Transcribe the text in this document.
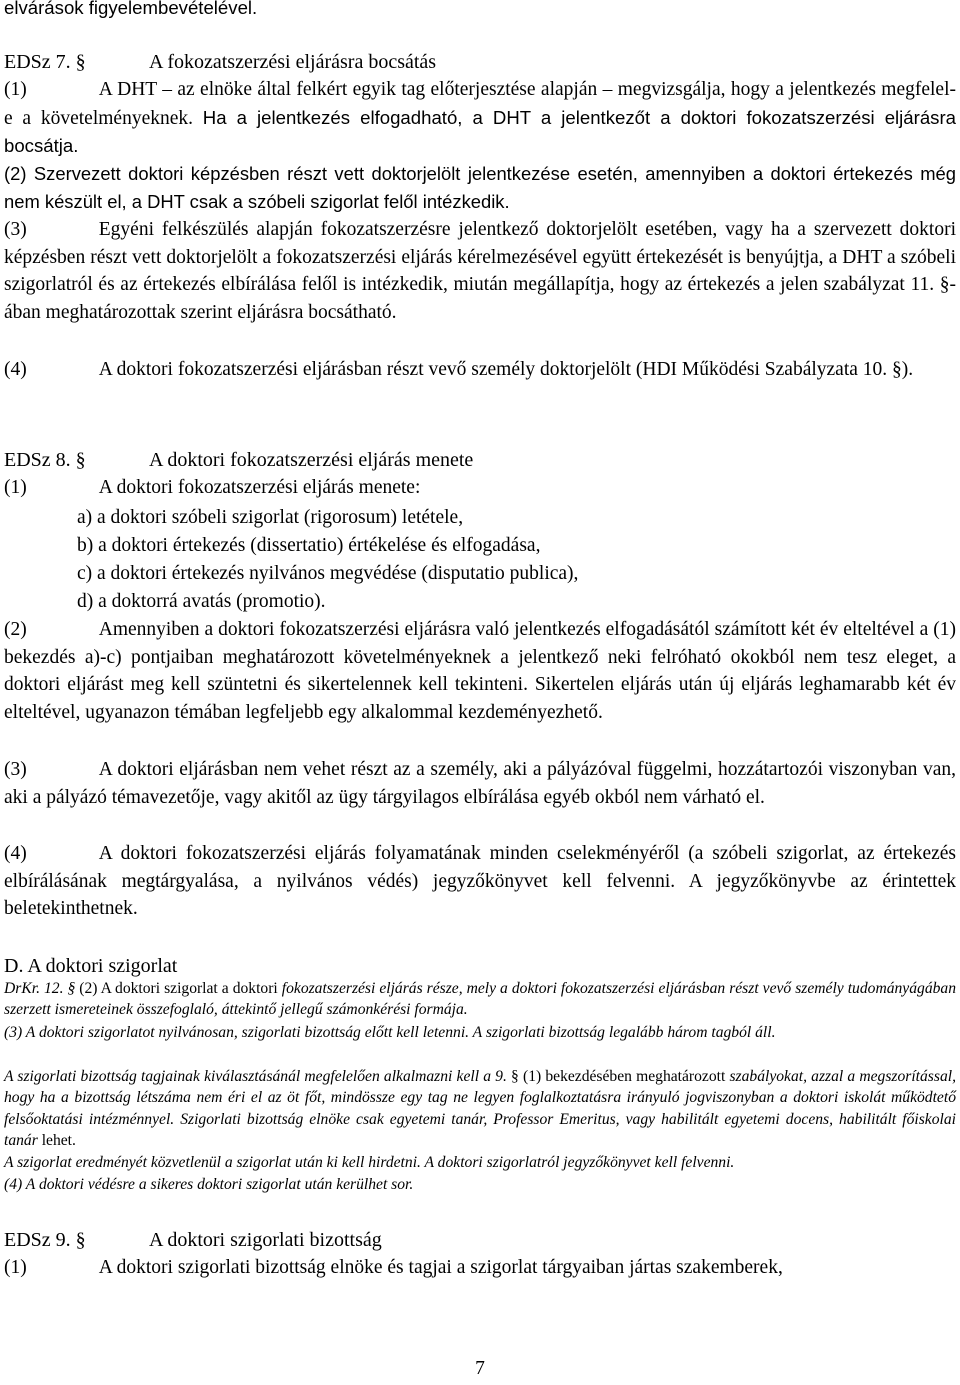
elvárások figyelembevételével.
EDSz 7. §	A fokozatszerzési eljárásra bocsátás

(1)	A DHT – az elnöke által felkért egyik tag előterjesztése alapján – megvizsgálja, hogy a jelentkezés megfelel-e a követelményeknek. Ha a jelentkezés elfogadható, a DHT a jelentkezőt a doktori fokozatszerzési eljárásra bocsátja.

(2) Szervezett doktori képzésben részt vett doktorjelölt jelentkezése esetén, amennyiben a doktori értekezés még nem készült el, a DHT csak a szóbeli szigorlat felől intézkedik.

(3)	Egyéni felkészülés alapján fokozatszerzésre jelentkező doktorjelölt esetében, vagy ha a szervezett doktori képzésben részt vett doktorjelölt a fokozatszerzési eljárás kérelmezésével együtt értekezését is benyújtja, a DHT a szóbeli szigorlatról és az értekezés elbírálása felől is intézkedik, miután megállapítja, hogy az értekezés a jelen szabályzat 11. §-ában meghatározottak szerint eljárásra bocsátható.

(4)	A doktori fokozatszerzési eljárásban részt vevő személy doktorjelölt (HDI Működési Szabályzata 10. §).

EDSz 8. §	A doktori fokozatszerzési eljárás menete

(1)	A doktori fokozatszerzési eljárás menete:

a) a doktori szóbeli szigorlat (rigorosum) letétele,
b) a doktori értekezés (dissertatio) értékelése és elfogadása,
c) a doktori értekezés nyilvános megvédése (disputatio publica),
d) a doktorrá avatás (promotio).

(2)	Amennyiben a doktori fokozatszerzési eljárásra való jelentkezés elfogadásától számított két év elteltével a (1) bekezdés a)-c) pontjaiban meghatározott követelményeknek a jelentkező neki felróható okokból nem tesz eleget, a doktori eljárást meg kell szüntetni és sikertelennek kell tekinteni. Sikertelen eljárás után új eljárás leghamarabb két év elteltével, ugyanazon témában legfeljebb egy alkalommal kezdeményezhető.

(3)	A doktori eljárásban nem vehet részt az a személy, aki a pályázóval függelmi, hozzátartozói viszonyban van, aki a pályázó témavezetője, vagy akitől az ügy tárgyilagos elbírálása egyéb okból nem várható el.

(4)	A doktori fokozatszerzési eljárás folyamatának minden cselekményéről (a szóbeli szigorlat, az értekezés elbírálásának megtárgyalása, a nyilvános védés) jegyzőkönyvet kell felvenni. A jegyzőkönyvbe az érintettek beletekinthetnek.

D. A doktori szigorlat

DrKr. 12. § (2) A doktori szigorlat a doktori fokozatszerzési eljárás része, mely a doktori fokozatszerzési eljárásban részt vevő személy tudományágában szerzett ismereteinek összefoglaló, áttekintő jellegű számonkérési formája.

(3) A doktori szigorlatot nyilvánosan, szigorlati bizottság előtt kell letenni. A szigorlati bizottság legalább három tagból áll.

A szigorlati bizottság tagjainak kiválasztásánál megfelelően alkalmazni kell a 9. § (1) bekezdésében meghatározott szabályokat, azzal a megszorítással, hogy ha a bizottság létszáma nem éri el az öt főt, mindössze egy tag ne legyen foglalkoztatásra irányuló jogviszonyban a doktori iskolát működtető felsőoktatási intézménnyel. Szigorlati bizottság elnöke csak egyetemi tanár, Professor Emeritus, vagy habilitált egyetemi docens, habilitált főiskolai tanár lehet.

A szigorlat eredményét közvetlenül a szigorlat után ki kell hirdetni. A doktori szigorlatról jegyzőkönyvet kell felvenni.

(4) A doktori védésre a sikeres doktori szigorlat után kerülhet sor.

EDSz 9. §	A doktori szigorlati bizottság

(1)	A doktori szigorlati bizottság elnöke és tagjai a szigorlat tárgyaiban jártas szakemberek,

7
